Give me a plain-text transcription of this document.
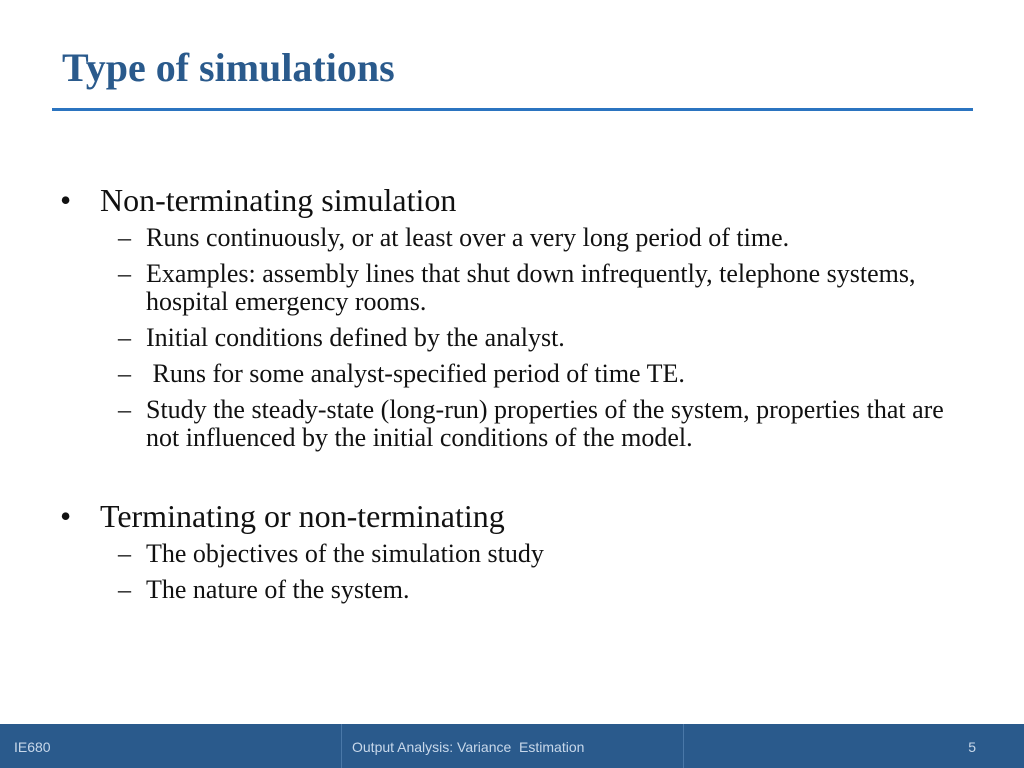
Type of simulations
• Non-terminating simulation
– Runs continuously, or at least over a very long period of time.
– Examples: assembly lines that shut down infrequently, telephone systems, hospital emergency rooms.
– Initial conditions defined by the analyst.
– Runs for some analyst-specified period of time TE.
– Study the steady-state (long-run) properties of the system, properties that are not influenced by the initial conditions of the model.
• Terminating or non-terminating
– The objectives of the simulation study
– The nature of the system.
IE680	Output Analysis: Variance  Estimation	5
